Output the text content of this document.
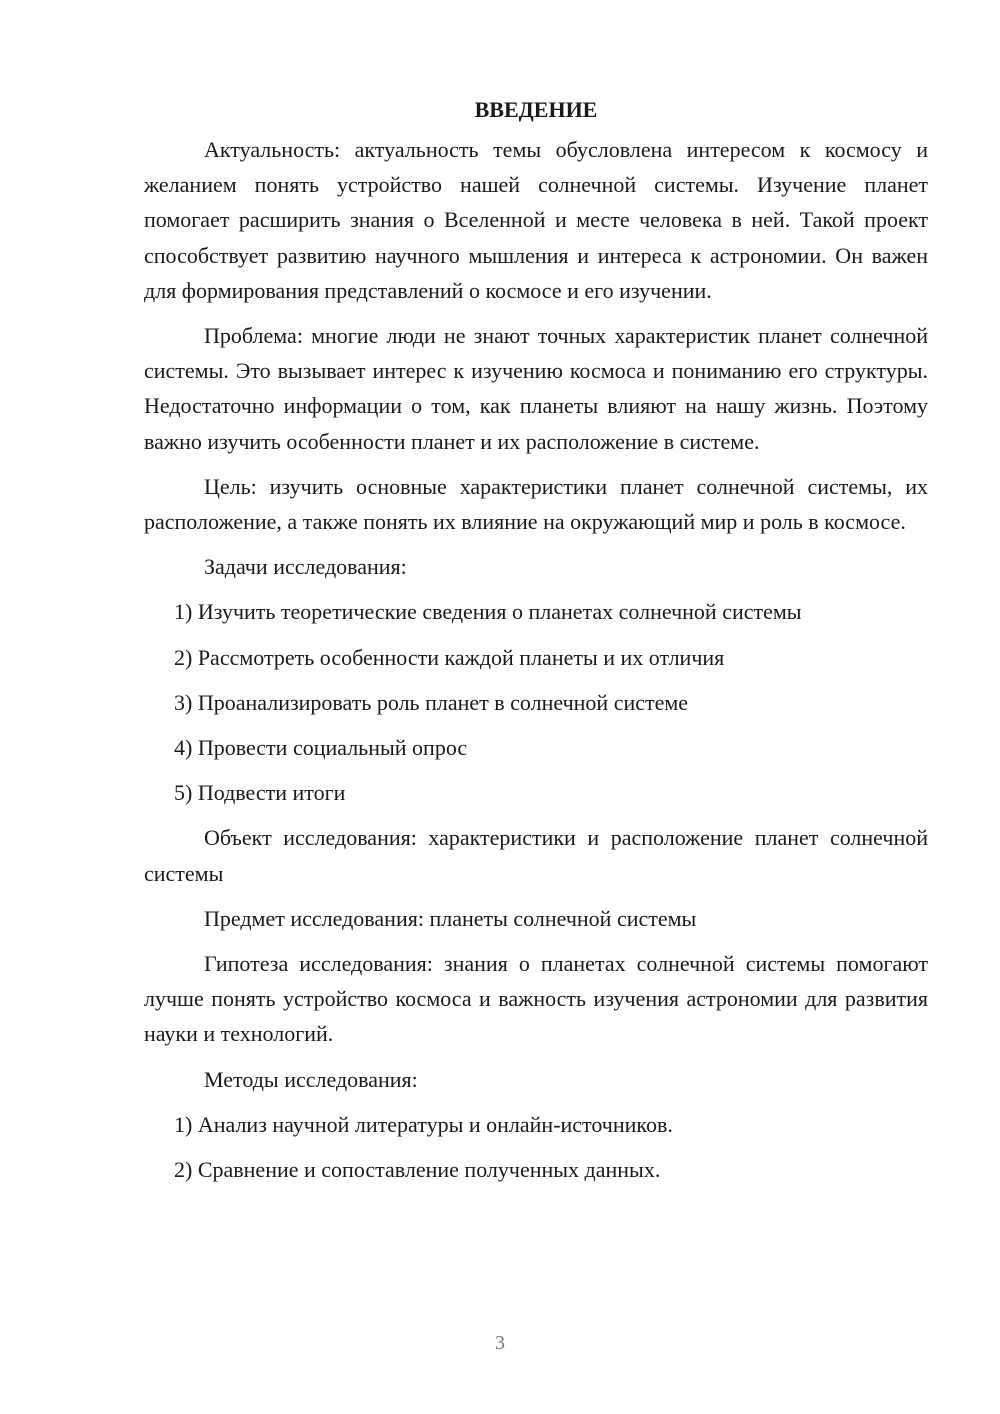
ВВЕДЕНИЕ

Актуальность: актуальность темы обусловлена интересом к космосу и желанием понять устройство нашей солнечной системы. Изучение планет помогает расширить знания о Вселенной и месте человека в ней. Такой проект способствует развитию научного мышления и интереса к астрономии. Он важен для формирования представлений о космосе и его изучении.

Проблема: многие люди не знают точных характеристик планет солнечной системы. Это вызывает интерес к изучению космоса и пониманию его структуры. Недостаточно информации о том, как планеты влияют на нашу жизнь. Поэтому важно изучить особенности планет и их расположение в системе.

Цель: изучить основные характеристики планет солнечной системы, их расположение, а также понять их влияние на окружающий мир и роль в космосе.

Задачи исследования:

1) Изучить теоретические сведения о планетах солнечной системы
2) Рассмотреть особенности каждой планеты и их отличия
3) Проанализировать роль планет в солнечной системе
4) Провести социальный опрос
5) Подвести итоги

Объект исследования: характеристики и расположение планет солнечной системы

Предмет исследования: планеты солнечной системы

Гипотеза исследования: знания о планетах солнечной системы помогают лучше понять устройство космоса и важность изучения астрономии для развития науки и технологий.

Методы исследования:

1) Анализ научной литературы и онлайн-источников.
2) Сравнение и сопоставление полученных данных.
3
